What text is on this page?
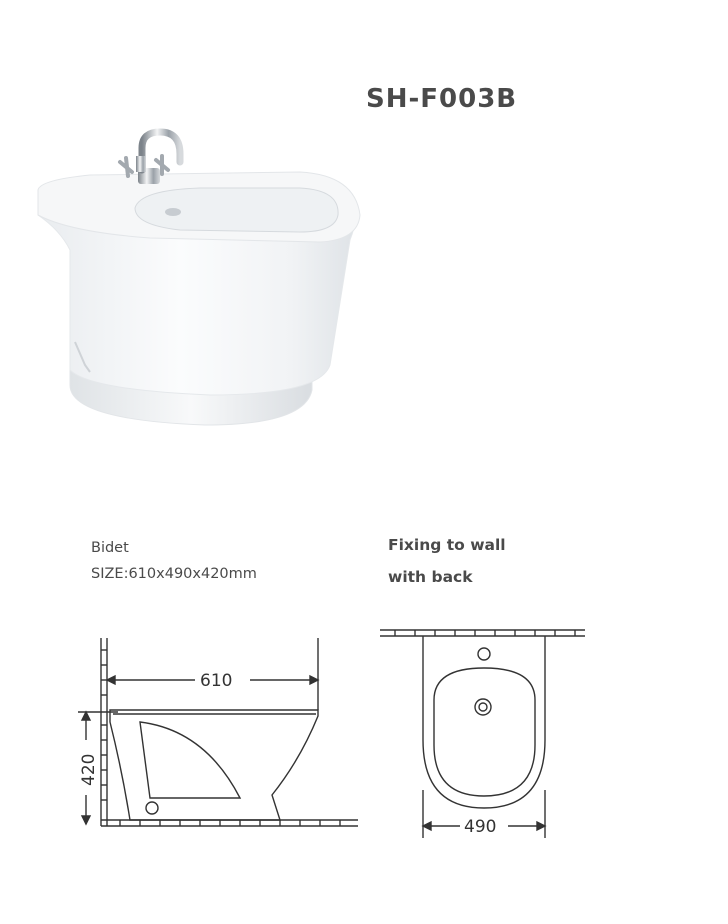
SH-F003B
Bidet
SIZE:610x490x420mm
Fixing to wall
with back
610
420
490
